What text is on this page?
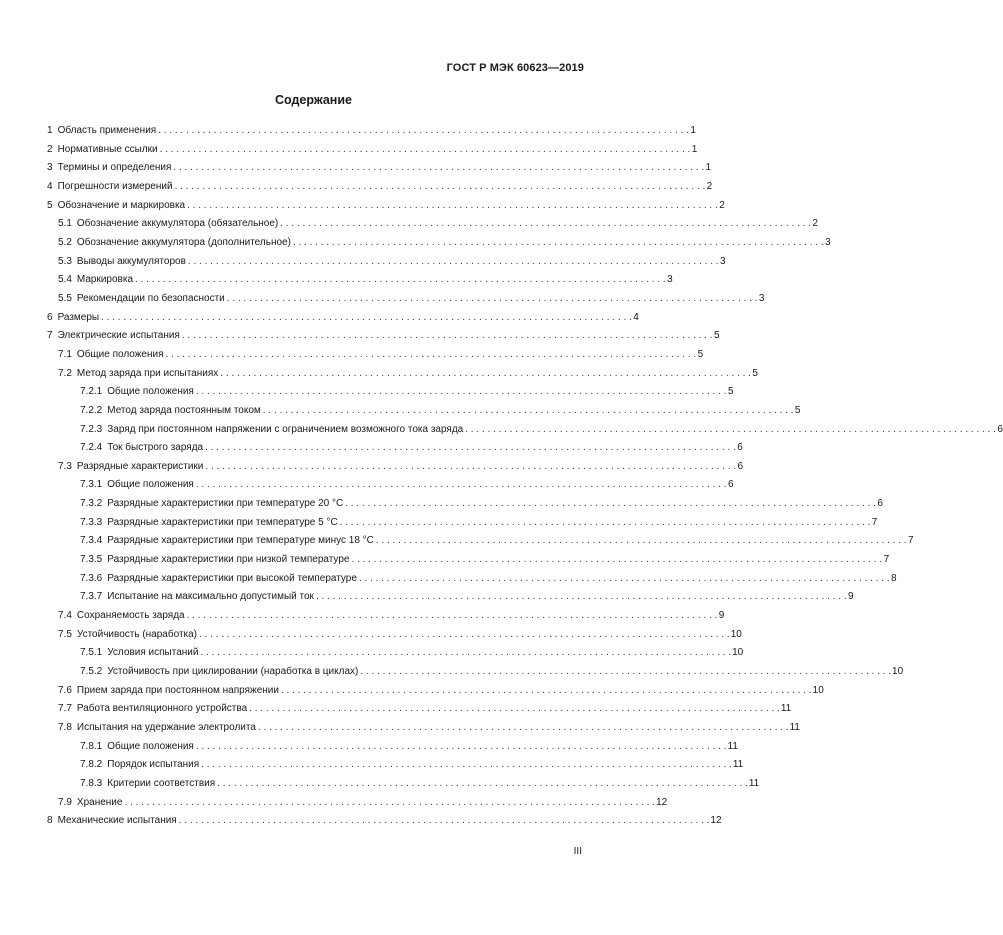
ГОСТ Р МЭК 60623—2019
Содержание
1 Область применения . . .	1
2 Нормативные ссылки . . .	1
3 Термины и определения . . .	1
4 Погрешности измерений . . .	2
5 Обозначение и маркировка . . .	2
5.1 Обозначение аккумулятора (обязательное) . . .	2
5.2 Обозначение аккумулятора (дополнительное) . . .	3
5.3 Выводы аккумуляторов . . .	3
5.4 Маркировка . . .	3
5.5 Рекомендации по безопасности . . .	3
6 Размеры . . .	4
7 Электрические испытания . . .	5
7.1 Общие положения . . .	5
7.2 Метод заряда при испытаниях . . .	5
7.2.1 Общие положения . . .	5
7.2.2 Метод заряда постоянным током . . .	5
7.2.3 Заряд при постоянном напряжении с ограничением возможного тока заряда . . .	6
7.2.4 Ток быстрого заряда . . .	6
7.3 Разрядные характеристики . . .	6
7.3.1 Общие положения . . .	6
7.3.2 Разрядные характеристики при температуре 20 °С . . .	6
7.3.3 Разрядные характеристики при температуре 5 °С . . .	7
7.3.4 Разрядные характеристики при температуре минус 18 °С . . .	7
7.3.5 Разрядные характеристики при низкой температуре . . .	7
7.3.6 Разрядные характеристики при высокой температуре . . .	8
7.3.7 Испытание на максимально допустимый ток . . .	9
7.4 Сохраняемость заряда . . .	9
7.5 Устойчивость (наработка) . . .	10
7.5.1 Условия испытаний . . .	10
7.5.2 Устойчивость при циклировании (наработка в циклах) . . .	10
7.6 Прием заряда при постоянном напряжении . . .	10
7.7 Работа вентиляционного устройства . . .	11
7.8 Испытания на удержание электролита . . .	11
7.8.1 Общие положения . . .	11
7.8.2 Порядок испытания . . .	11
7.8.3 Критерии соответствия . . .	11
7.9 Хранение . . .	12
8 Механические испытания . . .	12
III
